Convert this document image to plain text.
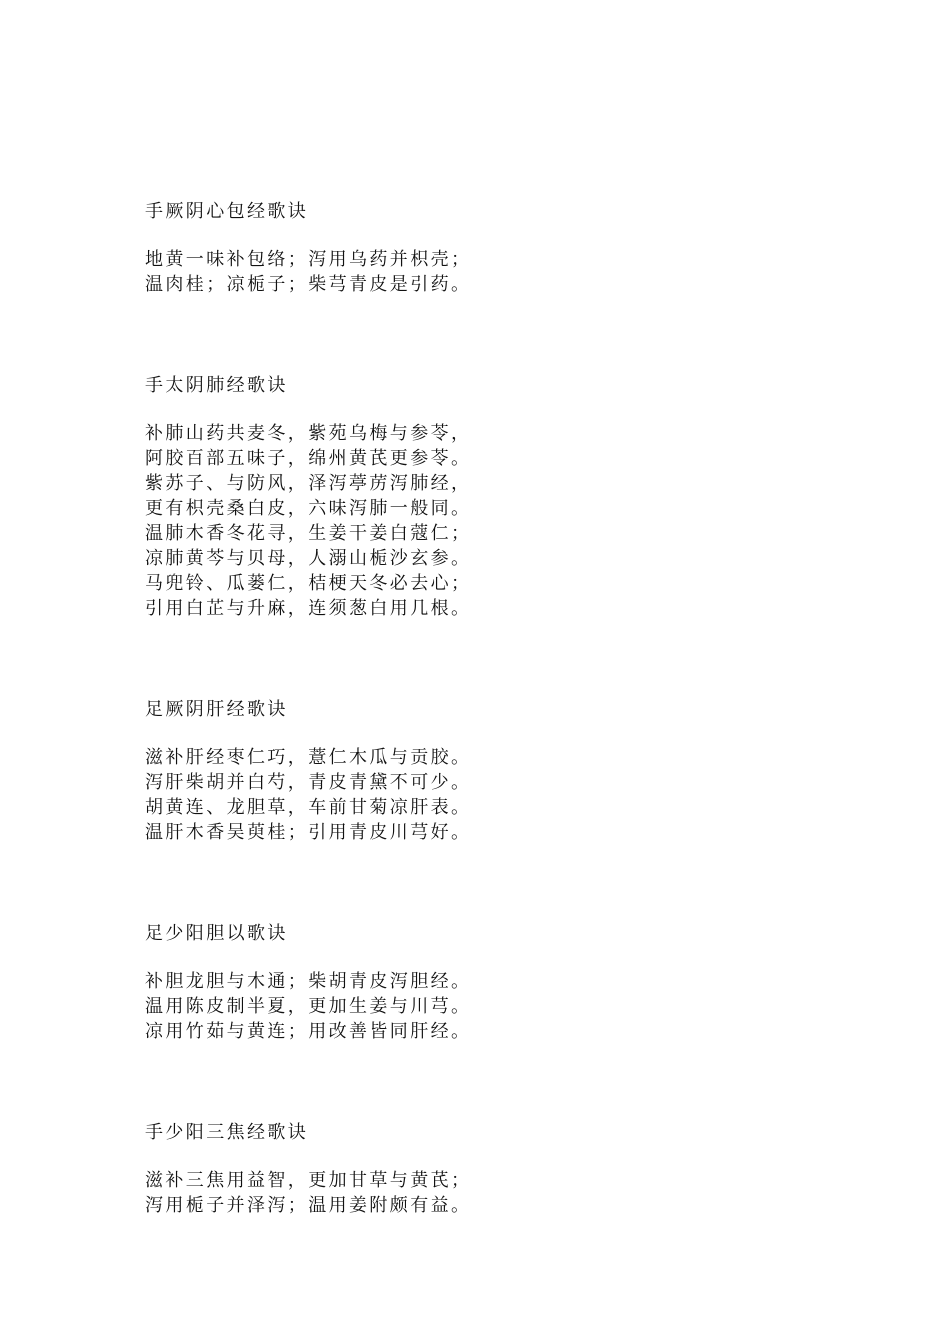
手厥阴心包经歌诀
地黄一味补包络；泻用乌药并枳壳；
温肉桂；凉栀子；柴芎青皮是引药。
手太阴肺经歌诀
补肺山药共麦冬，紫苑乌梅与参苓，
阿胶百部五味子，绵州黄芪更参苓。
紫苏子、与防风，泽泻葶苈泻肺经，
更有枳壳桑白皮，六味泻肺一般同。
温肺木香冬花寻，生姜干姜白蔻仁；
凉肺黄芩与贝母，人溺山栀沙玄参。
马兜铃、瓜蒌仁，桔梗天冬必去心；
引用白芷与升麻，连须葱白用几根。
足厥阴肝经歌诀
滋补肝经枣仁巧，薏仁木瓜与贡胶。
泻肝柴胡并白芍，青皮青黛不可少。
胡黄连、龙胆草，车前甘菊凉肝表。
温肝木香吴萸桂；引用青皮川芎好。
足少阳胆以歌诀
补胆龙胆与木通；柴胡青皮泻胆经。
温用陈皮制半夏，更加生姜与川芎。
凉用竹茹与黄连；用改善皆同肝经。
手少阳三焦经歌诀
滋补三焦用益智，更加甘草与黄芪；
泻用栀子并泽泻；温用姜附颇有益。
